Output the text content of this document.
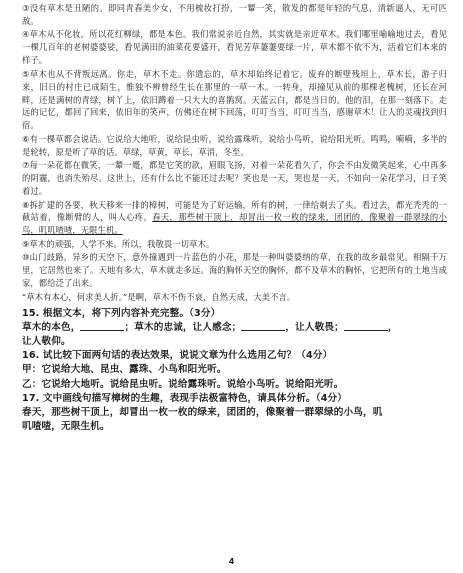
③没有草木是丑陋的。即同青春美少女，不用梳妆打扮，一颦一笑，散发的都是年轻的气息，清新逼人，无可匹敌。

④草木从不化妆，所以花红柳绿，都是本色。我们常说亲近自然，其实就是亲近草木。我们哪里喻喻地过去，看见一棵几百年的老树婆婆娑，看见满田的油菜花要盛开，看见芳草萋萋要绿一片，草木都不依不为，活着它们本来的样子。

⑤草木也从不背叛远离。你走，草木不走。你遗忘的，草木却始终记着它。废弃的断壁残垣上，草木长，游子归来，旧日的村庄已成陌生，惟独不辨曾经生长在那里的一草一木。一转身，却撞见从前的那棵老槐树，还长在河畔，还是满树的青绿，树丫上，依旧蹲着一只大大的喜鹊窝。天蓝云白，都是当日的。他的泪，在那一刻落下。走远的记忆，都回了回来，依旧年的笑声，仿佛还在树下回荡，叮叮当当，叮叮当当，感谢草木！让人的灵魂找到归宿。

⑥有一棵草都会说话。它说给大地听，说给昆虫听，说给露珠听，说给小鸟听，说给阳光听。鸣鸣，嗬嗬，多半的是轮转，原是听了草的话。草绿，草黄，草长，草消，冬至。

⑦每一朵花都在微笑，一颦一蹙，都是它笑的款，眉眼飞扬，对着一朵花看久了，你会不由发微笑起来，心中再多的阴霾，也消失殆尽。这世上，还有什么比不能还过去呢？笑也是一天，哭也是一天，不如向一朵花学习，日子笑着过。

⑧拆扩建的各要，秋天移来一排的樟树，可能是为了好运输，所有的树，一律给剃去了头。看过去，都光秃秃的一截站着，像断臂的人，叫人心疼。春天，那些树干顶上，却冒出一枚一枚的绿来，团团的，像聚着一群翠绿的小鸟，叽叽喳喳，无限生机。

⑨草木的顽强，人学不来。所以，我敬畏一切草木。

⑩山门歧路，异乡的天空下，意外撞遇到一片蓝色的小花，那是一种叫婆婆纳的草，在我的故乡最常见。相隔千万里，它居然也来了。天地有多大，草木就走多远。海的胸怀天空的胸怀，都不及草木的胸怀，它把所有的土地当成家，都给泛了出来。

“草木有本心，何求美人折。”是啊，草木不伤不哀，自然天成，大美不言。

15. 根据文本，将下列内容补充完整。（3分）

草木的本色，	；草木的忠诚，让人感念；	，让人敬畏；	，

让人敬仰。

16. 试比较下面两句话的表达效果，说说文章为什么选用乙句？（4分）

甲：它说给大地、昆虫、露珠、小鸟和阳光听。

乙：它说给大地听。说给昆虫听。说给露珠听。说给小鸟听。说给阳光听。

17. 文中画线句描写樟树的生趣，表现手法极富特色，请具体分析。（4分）

春天，那些树干顶上，却冒出一枚一枚的绿来，团团的，像聚着一群翠绿的小鸟，叽

叽喳喳，无限生机。

4
